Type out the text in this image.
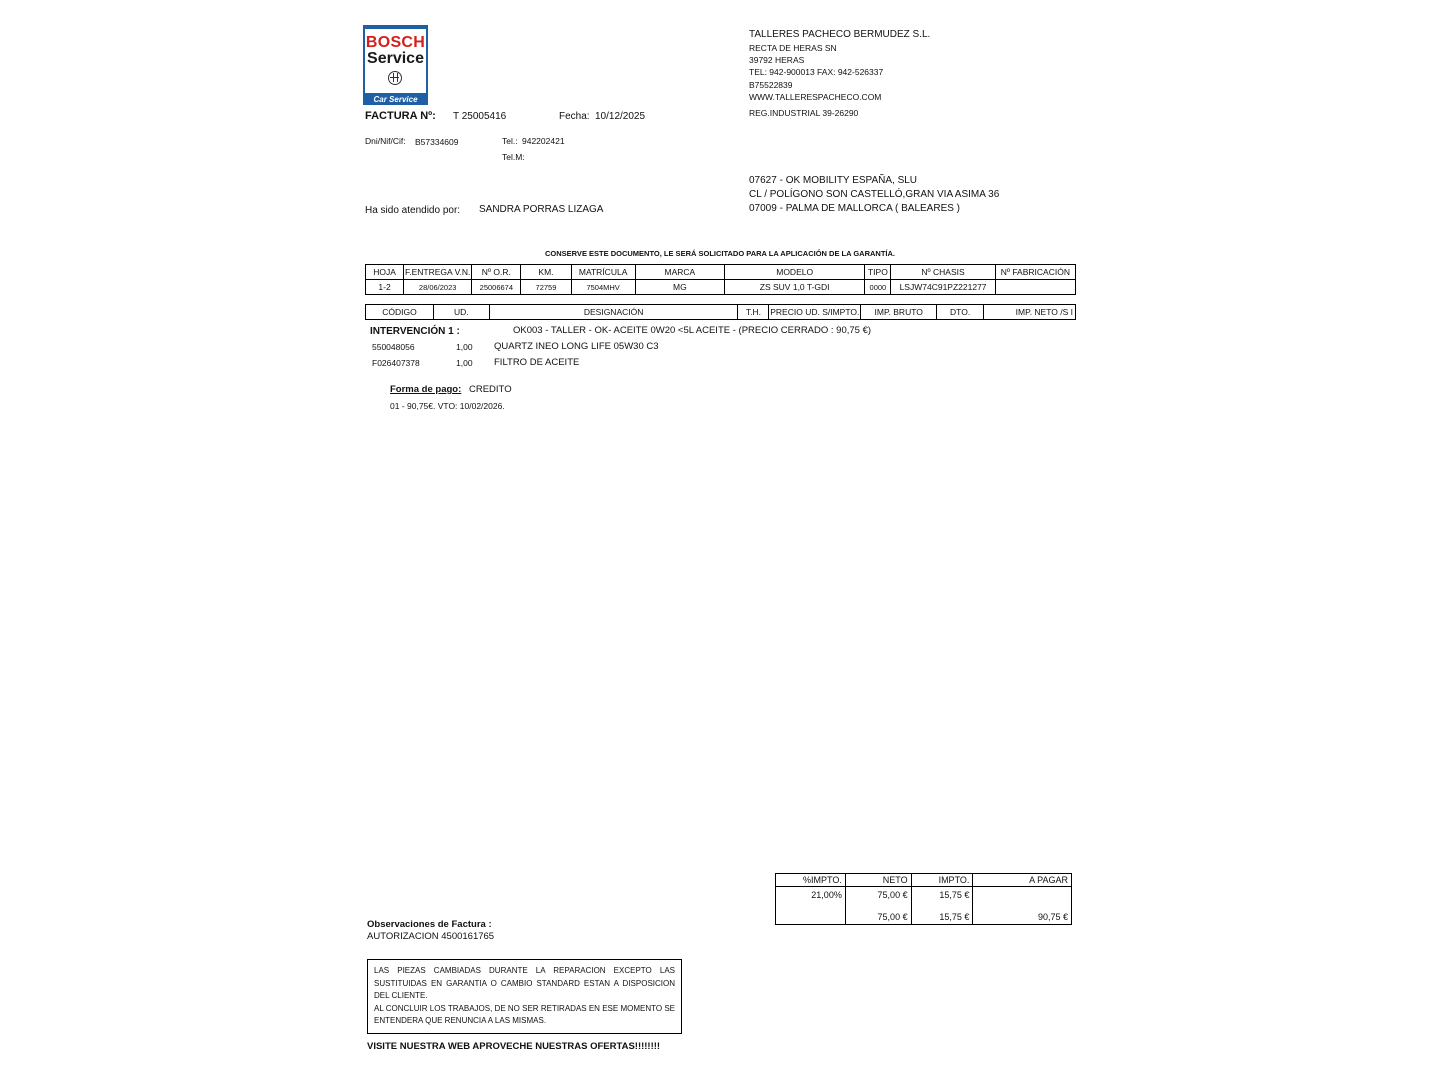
BOSCH
Service
Car Service
TALLERES PACHECO BERMUDEZ S.L.
RECTA DE HERAS SN
39792 HERAS
TEL: 942-900013 FAX: 942-526337
B75522839
WWW.TALLERESPACHECO.COM
REG.INDUSTRIAL 39-26290
FACTURA Nº: T 25005416	Fecha: 10/12/2025
Dni/Nif/Cif: B57334609	Tel.: 942202421
Tel.M:
07627 - OK MOBILITY ESPAÑA, SLU
CL / POLÍGONO SON CASTELLÓ,GRAN VIA ASIMA 36
07009 - PALMA DE MALLORCA ( BALEARES )
Ha sido atendido por: SANDRA PORRAS LIZAGA
CONSERVE ESTE DOCUMENTO, LE SERÁ SOLICITADO PARA LA APLICACIÓN DE LA GARANTÍA.
HOJA	F.ENTREGA V.N.	Nº O.R.	KM.	MATRÍCULA	MARCA	MODELO	TIPO	Nº CHASIS	Nº FABRICACIÓN
1-2	28/06/2023	25006674	72759	7504MHV	MG	ZS SUV 1,0 T-GDI	0000	LSJW74C91PZ221277	
CÓDIGO	UD.	DESIGNACIÓN	T.H.	PRECIO UD. S/IMPTO.	IMP. BRUTO	DTO.	IMP. NETO /S I
INTERVENCIÓN 1 :	OK003 - TALLER - OK- ACEITE 0W20 <5L ACEITE - (PRECIO CERRADO : 90,75 €)
550048056	1,00 QUARTZ INEO LONG LIFE 05W30 C3
F026407378	1,00 FILTRO DE ACEITE
Forma de pago: CREDITO
01 - 90,75€. VTO: 10/02/2026.
%IMPTO.	NETO	IMPTO.	A PAGAR
21,00%	75,00 €	15,75 €	
	75,00 €	15,75 €	90,75 €
Observaciones de Factura :
AUTORIZACION 4500161765

LAS PIEZAS CAMBIADAS DURANTE LA REPARACION EXCEPTO LAS SUSTITUIDAS EN GARANTIA O CAMBIO STANDARD ESTAN A DISPOSICION DEL CLIENTE.

AL CONCLUIR LOS TRABAJOS, DE NO SER RETIRADAS EN ESE MOMENTO SE ENTENDERA QUE RENUNCIA A LAS MISMAS.

VISITE NUESTRA WEB APROVECHE NUESTRAS OFERTAS!!!!!!!!
